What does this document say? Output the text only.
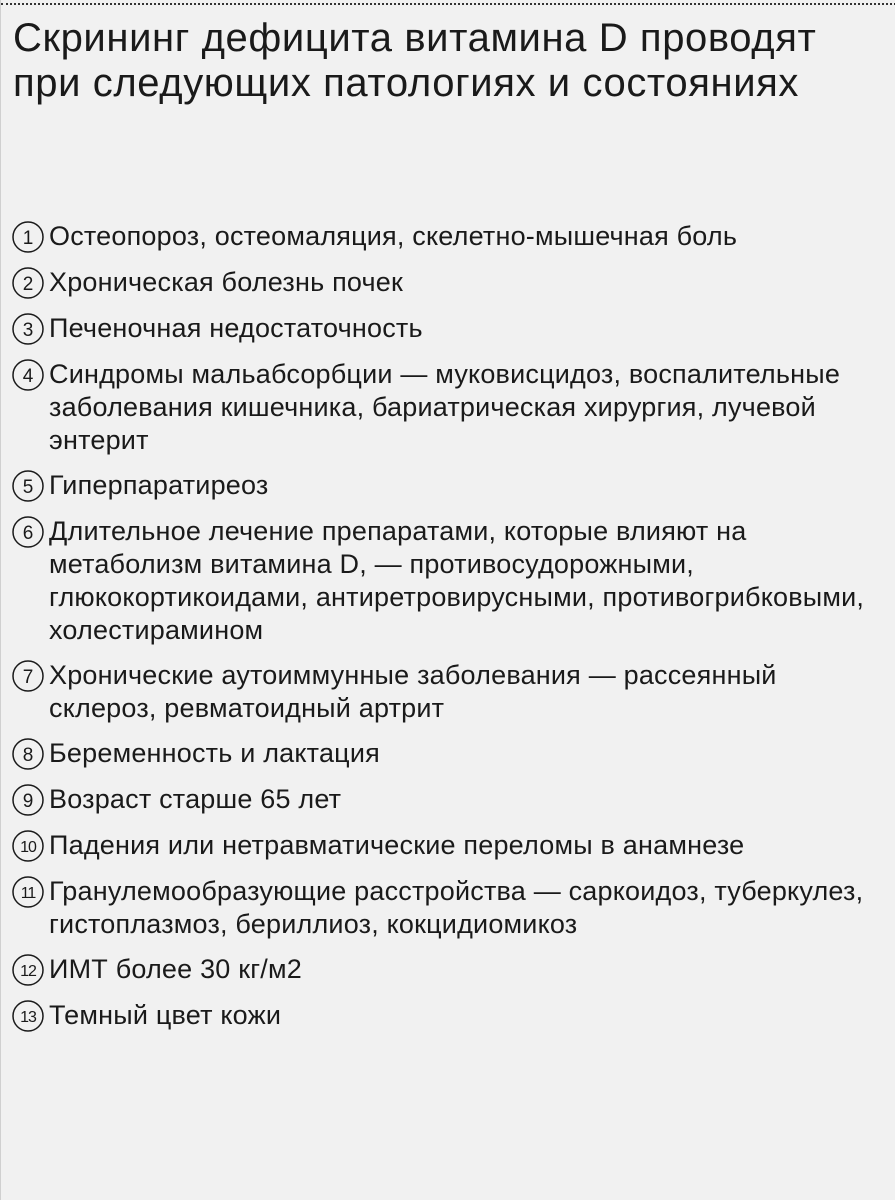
Скрининг дефицита витамина D проводят при следующих патологиях и состояниях
1 Остеопороз, остеомаляция, скелетно-мышечная боль
2 Хроническая болезнь почек
3 Печеночная недостаточность
4 Синдромы мальабсорбции — муковисцидоз, воспалительные заболевания кишечника, бариатрическая хирургия, лучевой энтерит
5 Гиперпаратиреоз
6 Длительное лечение препаратами, которые влияют на метаболизм витамина D, — противосудорожными, глюкокортикоидами, антиретровирусными, противогрибковыми, холестирамином
7 Хронические аутоиммунные заболевания — рассеянный склероз, ревматоидный артрит
8 Беременность и лактация
9 Возраст старше 65 лет
10 Падения или нетравматические переломы в анамнезе
11 Гранулемообразующие расстройства — саркоидоз, туберкулез, гистоплазмоз, бериллиоз, кокцидиомикоз
12 ИМТ более 30 кг/м2
13 Темный цвет кожи
